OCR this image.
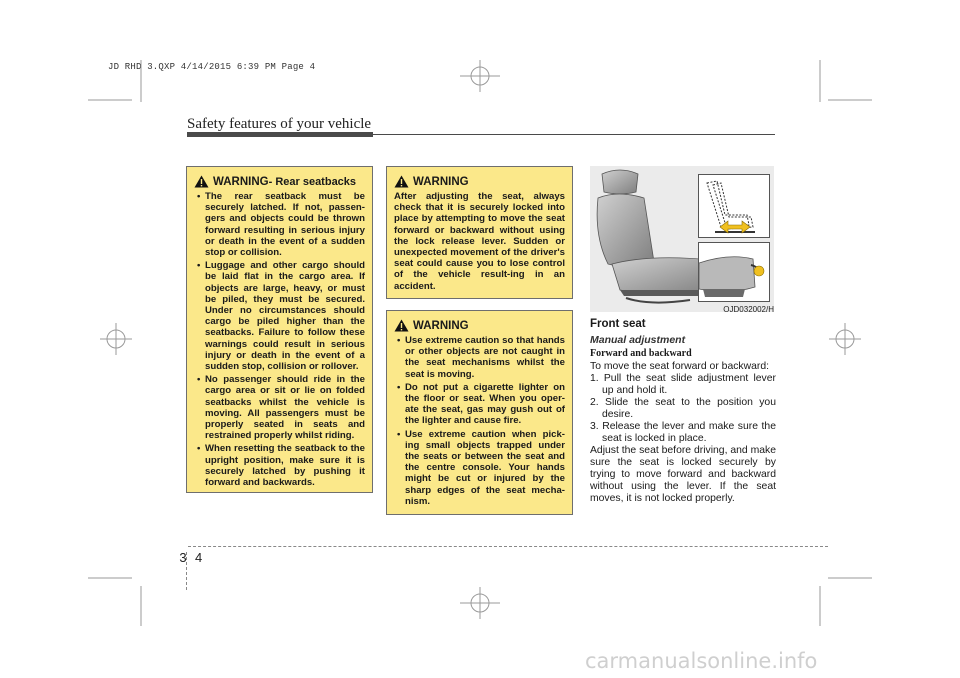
JD RHD 3.QXP 4/14/2015 6:39 PM Page 4
Safety features of your vehicle
WARNING - Rear seatbacks
• The rear seatback must be securely latched. If not, passen-gers and objects could be thrown forward resulting in serious injury or death in the event of a sudden stop or collision.
• Luggage and other cargo should be laid flat in the cargo area. If objects are large, heavy, or must be piled, they must be secured. Under no circumstances should cargo be piled higher than the seatbacks. Failure to follow these warnings could result in serious injury or death in the event of a sudden stop, collision or rollover.
• No passenger should ride in the cargo area or sit or lie on folded seatbacks whilst the vehicle is moving. All passengers must be properly seated in seats and restrained properly whilst riding.
• When resetting the seatback to the upright position, make sure it is securely latched by pushing it forward and backwards.
WARNING
After adjusting the seat, always check that it is securely locked into place by attempting to move the seat forward or backward without using the lock release lever. Sudden or unexpected movement of the driver's seat could cause you to lose control of the vehicle result-ing in an accident.
WARNING
• Use extreme caution so that hands or other objects are not caught in the seat mechanisms whilst the seat is moving.
• Do not put a cigarette lighter on the floor or seat. When you oper-ate the seat, gas may gush out of the lighter and cause fire.
• Use extreme caution when pick-ing small objects trapped under the seats or between the seat and the centre console. Your hands might be cut or injured by the sharp edges of the seat mecha-nism.
OJD032002/H
Front seat
Manual adjustment
Forward and backward
To move the seat forward or backward:
1. Pull the seat slide adjustment lever up and hold it.
2. Slide the seat to the position you desire.
3. Release the lever and make sure the seat is locked in place.
Adjust the seat before driving, and make sure the seat is locked securely by trying to move forward and backward without using the lever. If the seat moves, it is not locked properly.
3 4
carmanualsonline.info
